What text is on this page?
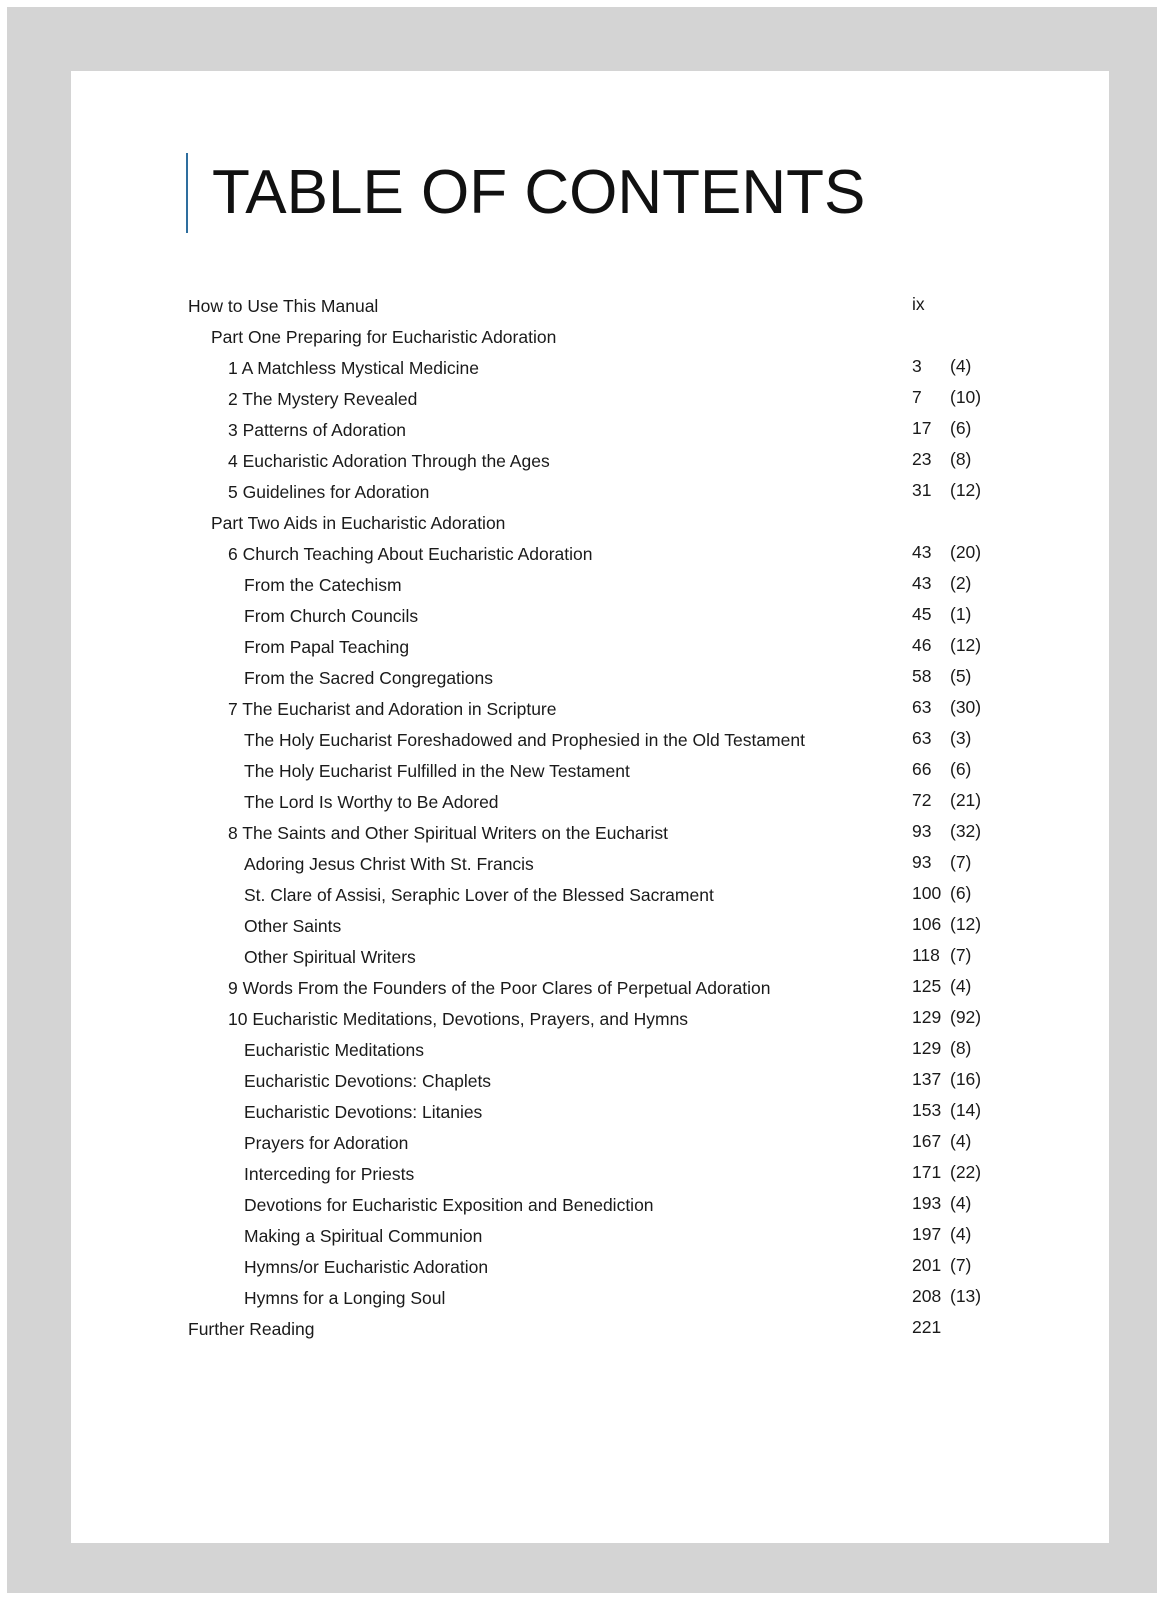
TABLE OF CONTENTS
How to Use This Manual	ix
Part One Preparing for Eucharistic Adoration
1 A Matchless Mystical Medicine	3 (4)
2 The Mystery Revealed	7 (10)
3 Patterns of Adoration	17 (6)
4 Eucharistic Adoration Through the Ages	23 (8)
5 Guidelines for Adoration	31 (12)
Part Two Aids in Eucharistic Adoration
6 Church Teaching About Eucharistic Adoration	43 (20)
From the Catechism	43 (2)
From Church Councils	45 (1)
From Papal Teaching	46 (12)
From the Sacred Congregations	58 (5)
7 The Eucharist and Adoration in Scripture	63 (30)
The Holy Eucharist Foreshadowed and Prophesied in the Old Testament	63 (3)
The Holy Eucharist Fulfilled in the New Testament	66 (6)
The Lord Is Worthy to Be Adored	72 (21)
8 The Saints and Other Spiritual Writers on the Eucharist	93 (32)
Adoring Jesus Christ With St. Francis	93 (7)
St. Clare of Assisi, Seraphic Lover of the Blessed Sacrament	100 (6)
Other Saints	106 (12)
Other Spiritual Writers	118 (7)
9 Words From the Founders of the Poor Clares of Perpetual Adoration	125 (4)
10 Eucharistic Meditations, Devotions, Prayers, and Hymns	129 (92)
Eucharistic Meditations	129 (8)
Eucharistic Devotions: Chaplets	137 (16)
Eucharistic Devotions: Litanies	153 (14)
Prayers for Adoration	167 (4)
Interceding for Priests	171 (22)
Devotions for Eucharistic Exposition and Benediction	193 (4)
Making a Spiritual Communion	197 (4)
Hymns/or Eucharistic Adoration	201 (7)
Hymns for a Longing Soul	208 (13)
Further Reading	221
